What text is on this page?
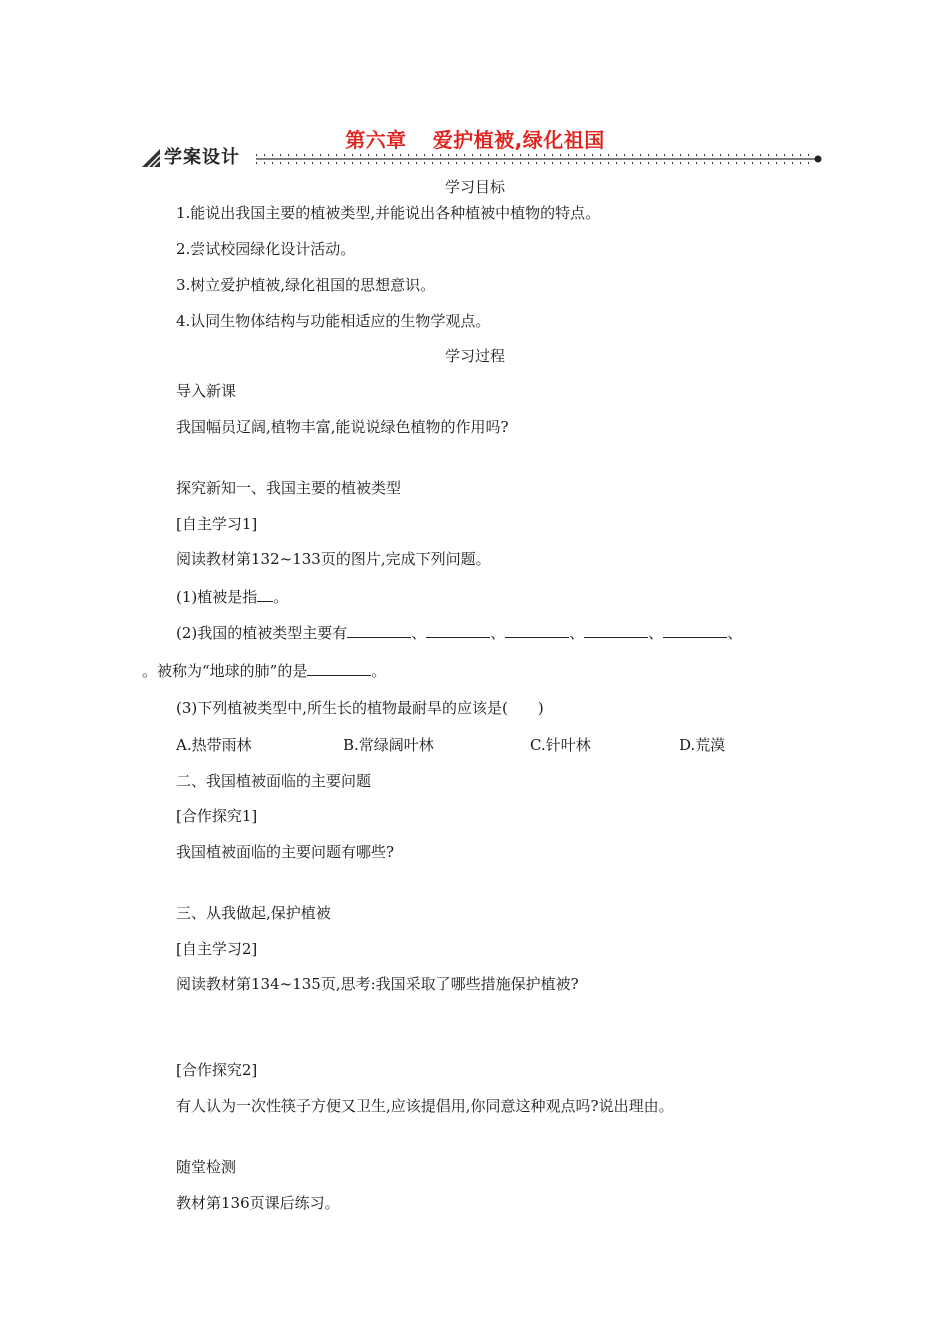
第六章 爱护植被,绿化祖国
学案设计
学习目标
1.能说出我国主要的植被类型,并能说出各种植被中植物的特点。
2.尝试校园绿化设计活动。
3.树立爱护植被,绿化祖国的思想意识。
4.认同生物体结构与功能相适应的生物学观点。
学习过程
导入新课
我国幅员辽阔,植物丰富,能说说绿色植物的作用吗?
探究新知一、我国主要的植被类型
[自主学习1]
阅读教材第132~133页的图片,完成下列问题。
(1)植被是指 。
(2)我国的植被类型主要有	、	、	、	、	、
。被称为“地球的肺”的是	。
(3)下列植被类型中,所生长的植物最耐旱的应该是(　　)
A.热带雨林	B.常绿阔叶林	C.针叶林	D.荒漠
二、我国植被面临的主要问题
[合作探究1]
我国植被面临的主要问题有哪些?
三、从我做起,保护植被
[自主学习2]
阅读教材第134~135页,思考:我国采取了哪些措施保护植被?
[合作探究2]
有人认为一次性筷子方便又卫生,应该提倡用,你同意这种观点吗?说出理由。
随堂检测
教材第136页课后练习。
